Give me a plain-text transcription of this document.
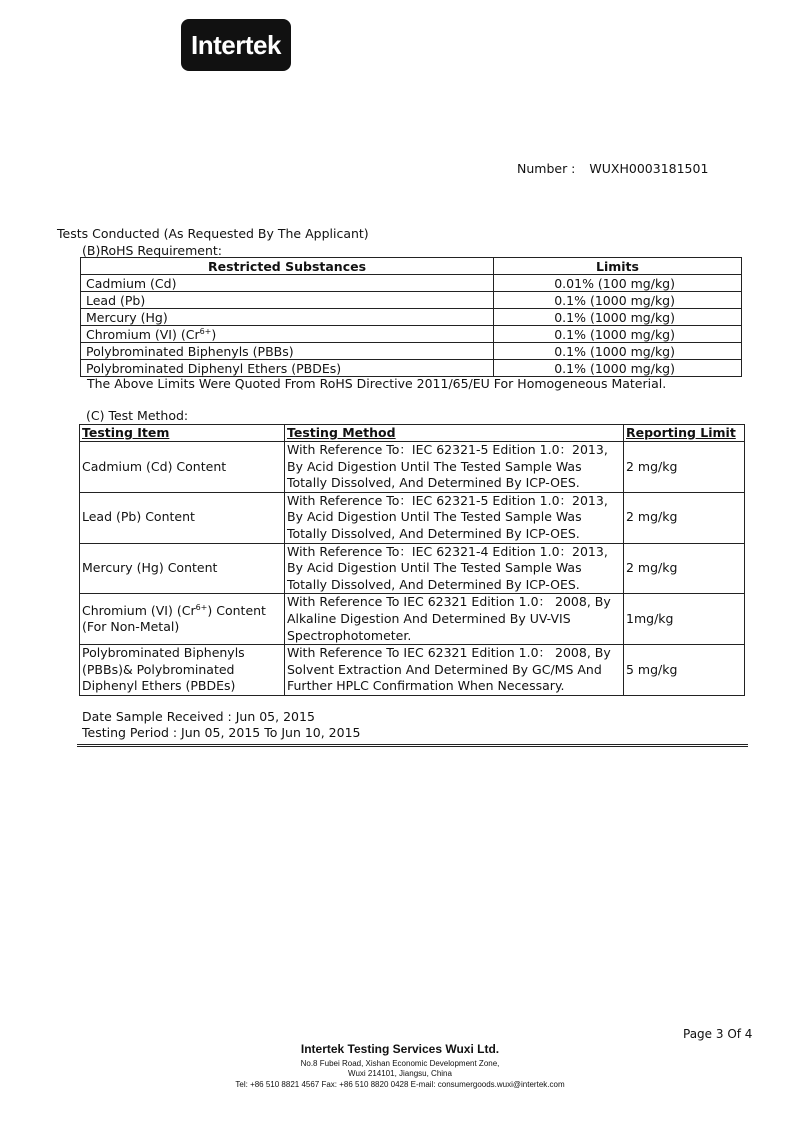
Intertek
Number : WUXH0003181501
Tests Conducted (As Requested By The Applicant)
(B)RoHS Requirement:
Restricted Substances	Limits
Cadmium (Cd)	0.01% (100 mg/kg)
Lead (Pb)	0.1% (1000 mg/kg)
Mercury (Hg)	0.1% (1000 mg/kg)
Chromium (VI) $(Cr^{6+})$	0.1% (1000 mg/kg)
Polybrominated Biphenyls (PBBs)	0.1% (1000 mg/kg)
Polybrominated Diphenyl Ethers (PBDEs)	0.1% (1000 mg/kg)
The Above Limits Were Quoted From RoHS Directive 2011/65/EU For Homogeneous Material.
(C) Test Method:
Testing Item	Testing Method	Reporting Limit
Cadmium (Cd) Content	With Reference To：IEC 62321-5 Edition 1.0：2013, By Acid Digestion Until The Tested Sample Was Totally Dissolved, And Determined By ICP-OES.	2 mg/kg
Lead (Pb) Content	With Reference To：IEC 62321-5 Edition 1.0：2013, By Acid Digestion Until The Tested Sample Was Totally Dissolved, And Determined By ICP-OES.	2 mg/kg
Mercury (Hg) Content	With Reference To：IEC 62321-4 Edition 1.0：2013, By Acid Digestion Until The Tested Sample Was Totally Dissolved, And Determined By ICP-OES.	2 mg/kg
Chromium (VI) $(Cr^{6+})$ Content
(For Non-Metal)	With Reference To IEC 62321 Edition 1.0： 2008, By Alkaline Digestion And Determined By UV-VIS Spectrophotometer.	1mg/kg
Polybrominated Biphenyls (PBBs)& Polybrominated Diphenyl Ethers (PBDEs)	With Reference To IEC 62321 Edition 1.0： 2008, By Solvent Extraction And Determined By GC/MS And Further HPLC Confirmation When Necessary.	5 mg/kg
Date Sample Received : Jun 05, 2015
Testing Period : Jun 05, 2015 To Jun 10, 2015
Page 3 Of 4
Intertek Testing Services Wuxi Ltd.
No.8 Fubei Road, Xishan Economic Development Zone,
Wuxi 214101, Jiangsu, China
Tel: +86 510 8821 4567 Fax: +86 510 8820 0428 E-mail: consumergoods.wuxi@intertek.com
